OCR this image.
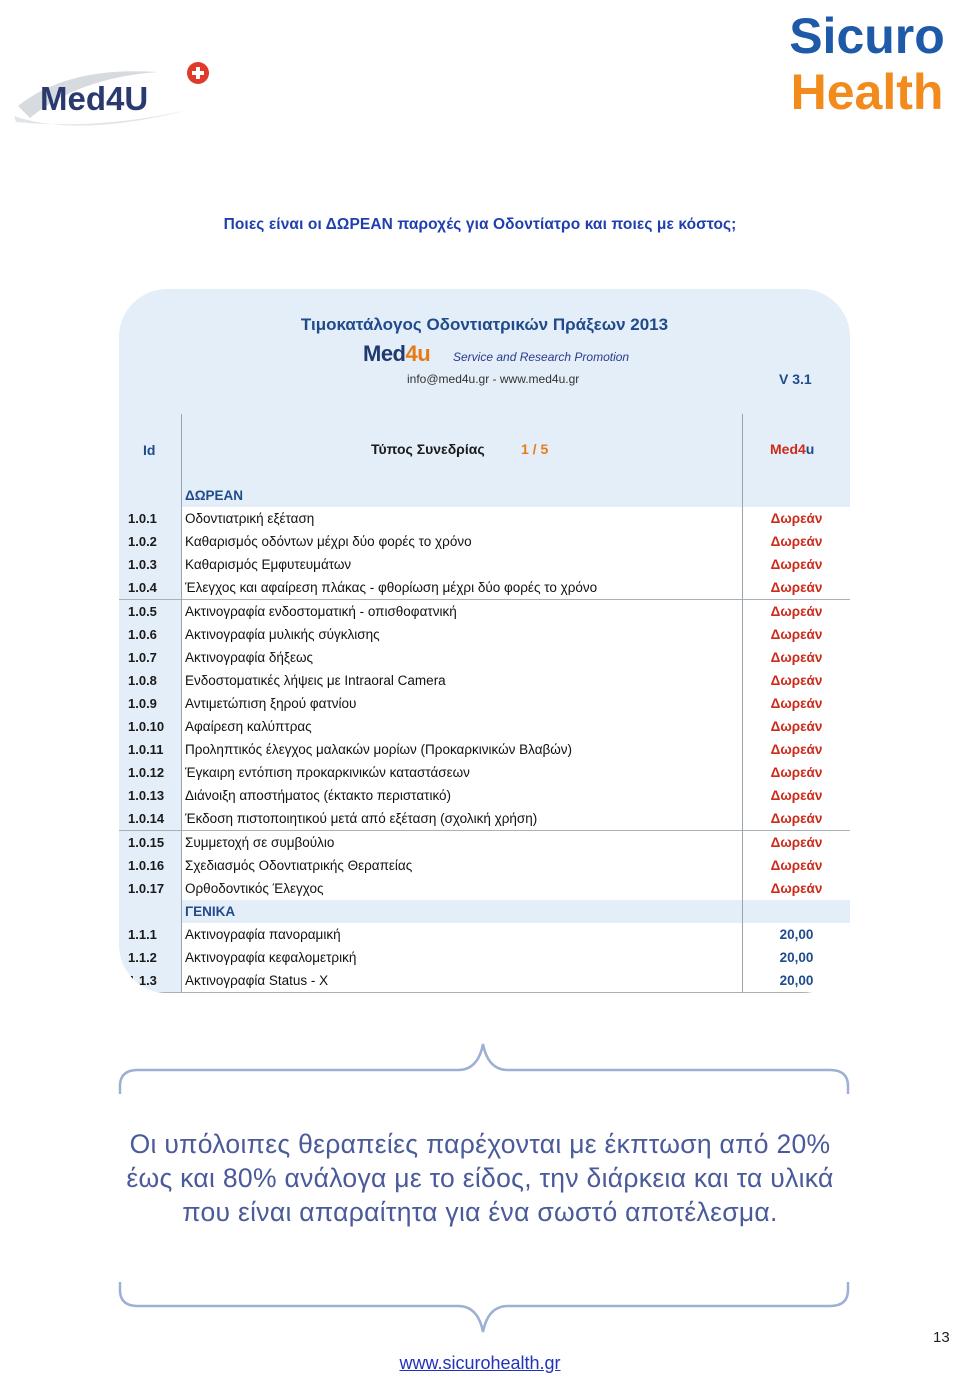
Med4U
Sicuro
Health
Ποιες είναι οι ΔΩΡΕΑΝ παροχές για Οδοντίατρο και ποιες με κόστος;
Τιμοκατάλογος Οδοντιατρικών Πράξεων 2013
Med4u Service and Research Promotion
info@med4u.gr - www.med4u.gr	V 3.1
Id	Τύπος Συνεδρίας	1 / 5	Med4u
ΔΩΡΕΑΝ
1.0.1	Οδοντιατρική εξέταση	Δωρεάν
1.0.2	Καθαρισμός οδόντων μέχρι δύο φορές το χρόνο	Δωρεάν
1.0.3	Καθαρισμός Εμφυτευμάτων	Δωρεάν
1.0.4	Έλεγχος και αφαίρεση πλάκας - φθορίωση μέχρι δύο φορές το χρόνο	Δωρεάν
1.0.5	Ακτινογραφία ενδοστοματική - οπισθοφατνική	Δωρεάν
1.0.6	Ακτινογραφία μυλικής σύγκλισης	Δωρεάν
1.0.7	Ακτινογραφία δήξεως	Δωρεάν
1.0.8	Ενδοστοματικές λήψεις με Intraoral Camera	Δωρεάν
1.0.9	Αντιμετώπιση ξηρού φατνίου	Δωρεάν
1.0.10	Αφαίρεση καλύπτρας	Δωρεάν
1.0.11	Προληπτικός έλεγχος μαλακών μορίων (Προκαρκινικών Βλαβών)	Δωρεάν
1.0.12	Έγκαιρη εντόπιση προκαρκινικών καταστάσεων	Δωρεάν
1.0.13	Διάνοιξη αποστήματος (έκτακτο περιστατικό)	Δωρεάν
1.0.14	Έκδοση πιστοποιητικού μετά από εξέταση (σχολική χρήση)	Δωρεάν
1.0.15	Συμμετοχή σε συμβούλιο	Δωρεάν
1.0.16	Σχεδιασμός Οδοντιατρικής Θεραπείας	Δωρεάν
1.0.17	Ορθοδοντικός Έλεγχος	Δωρεάν
ΓΕΝΙΚΑ
1.1.1	Ακτινογραφία πανοραμική	20,00
1.1.2	Ακτινογραφία κεφαλομετρική	20,00
1.1.3	Ακτινογραφία Status - X	20,00
Οι υπόλοιπες θεραπείες παρέχονται με έκπτωση από 20% έως και 80% ανάλογα με το είδος, την διάρκεια και τα υλικά που είναι απαραίτητα για ένα σωστό αποτέλεσμα.
13
www.sicurohealth.gr
